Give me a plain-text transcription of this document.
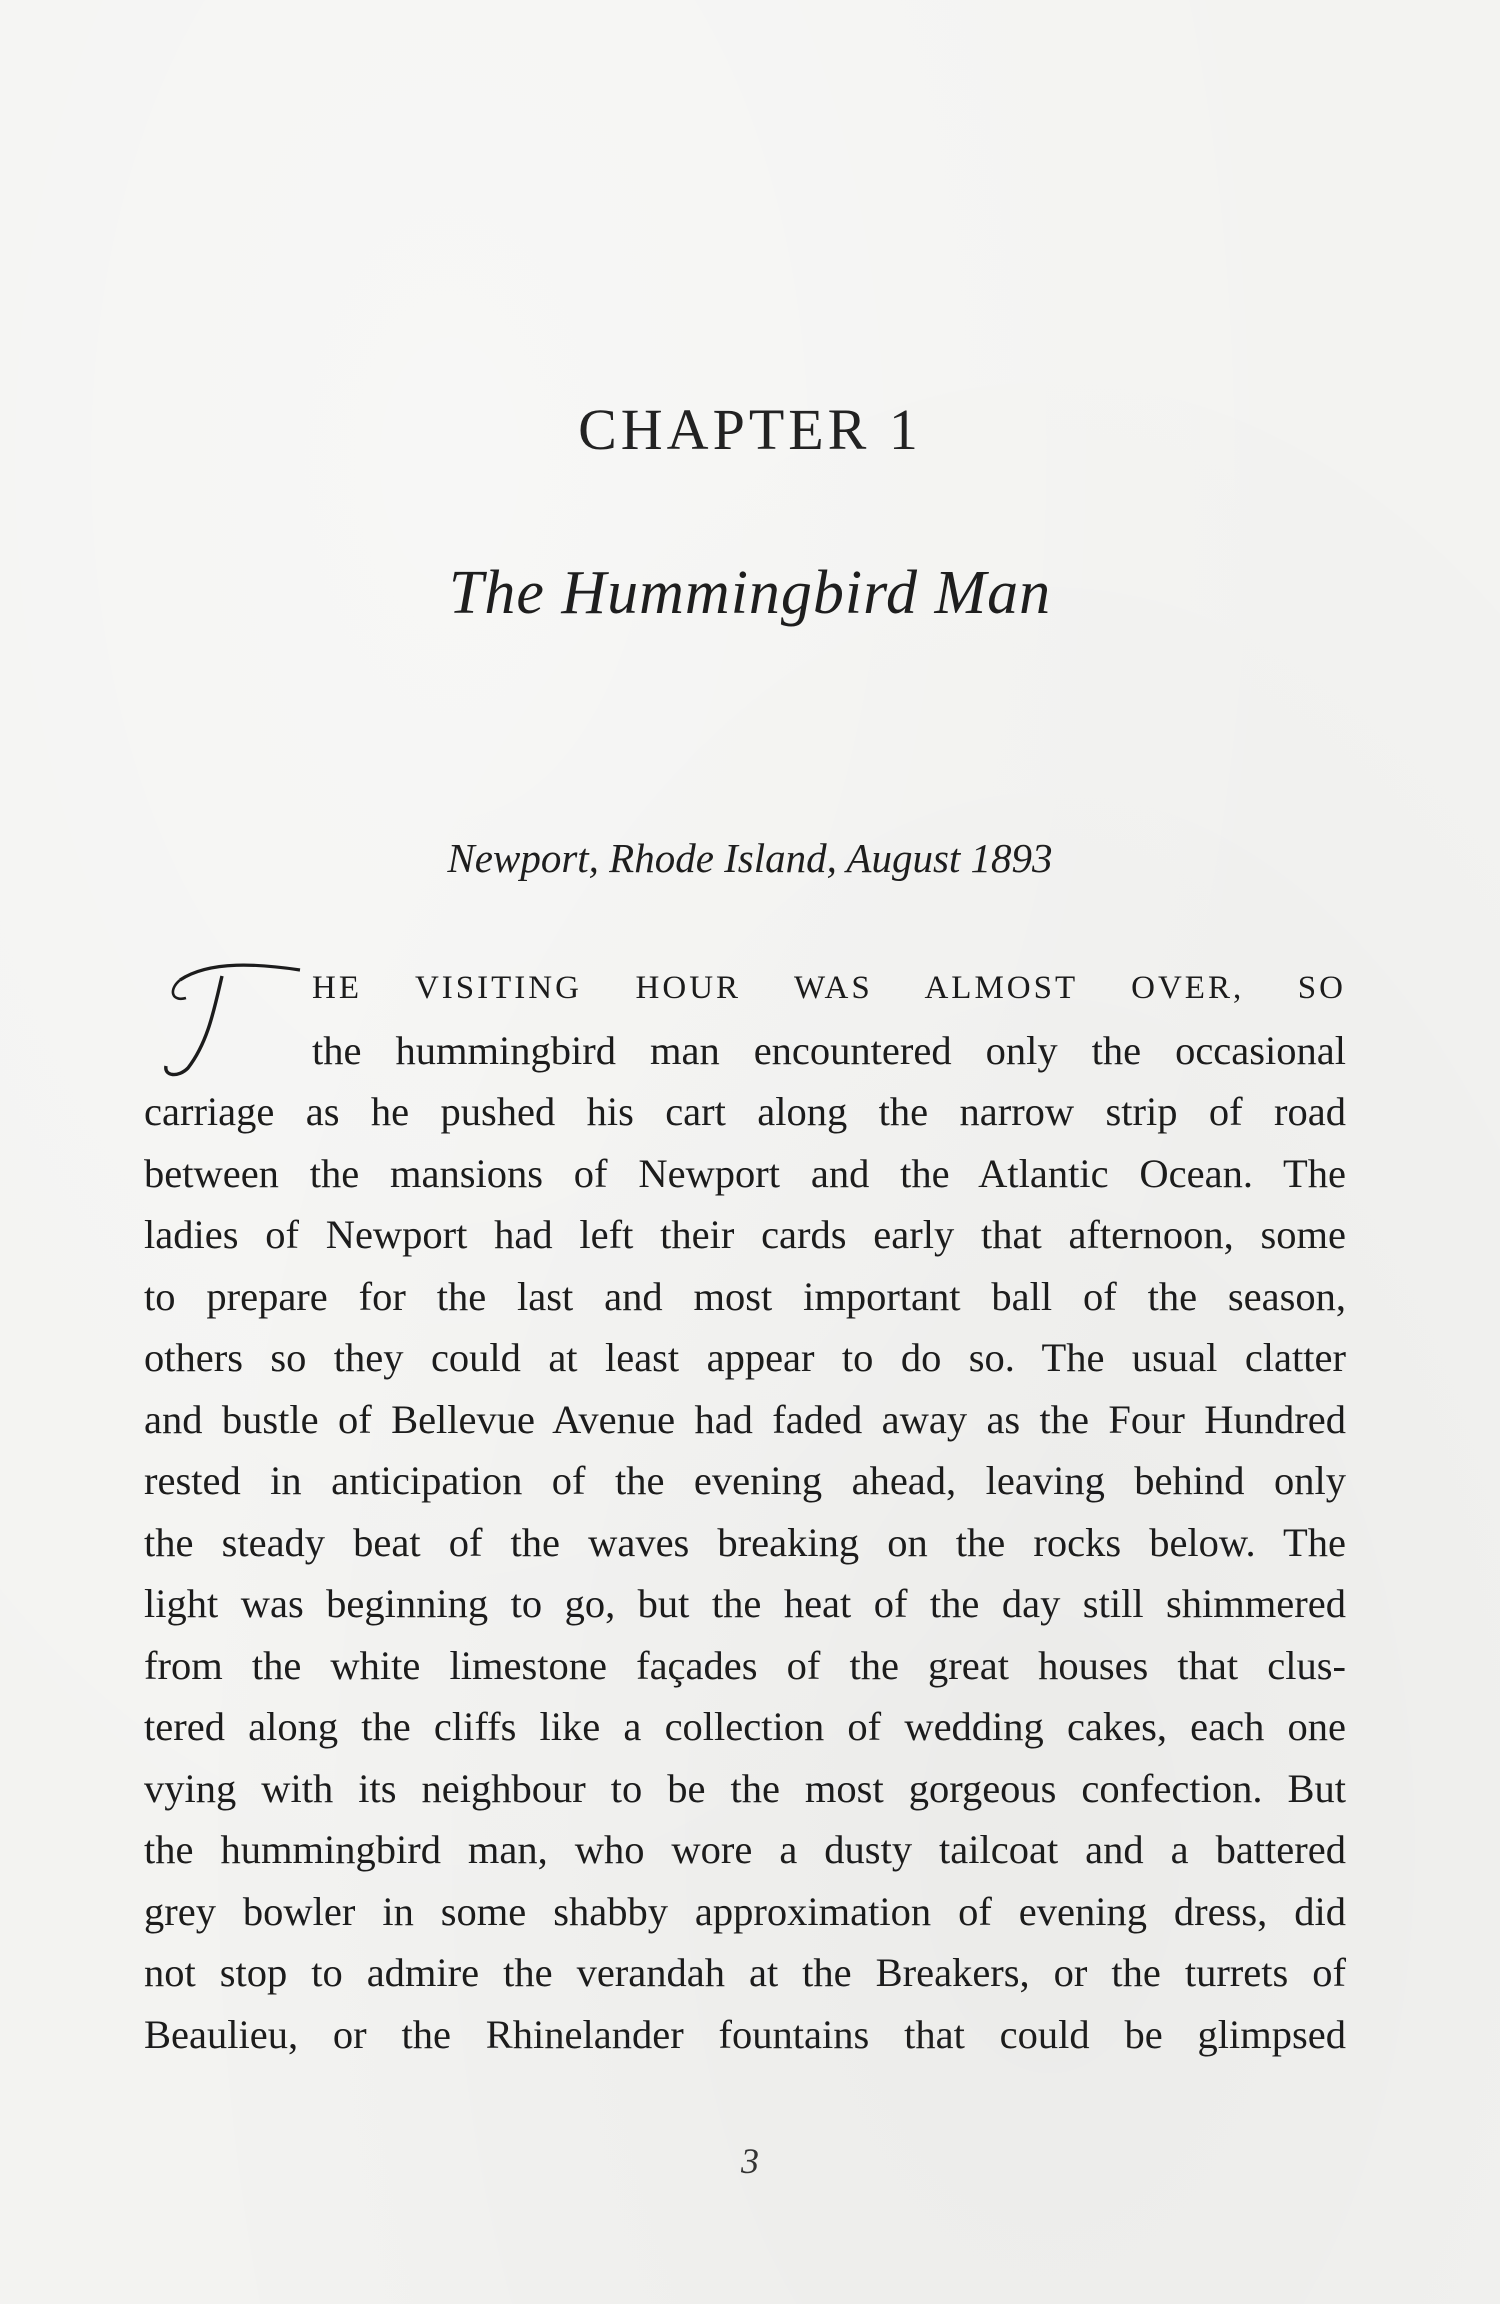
CHAPTER 1
The Hummingbird Man
Newport, Rhode Island, August 1893
T
HE VISITING HOUR WAS ALMOST OVER, SO
the hummingbird man encountered only the occasional
carriage as he pushed his cart along the narrow strip of road
between the mansions of Newport and the Atlantic Ocean. The
ladies of Newport had left their cards early that afternoon, some
to prepare for the last and most important ball of the season,
others so they could at least appear to do so. The usual clatter
and bustle of Bellevue Avenue had faded away as the Four Hundred
rested in anticipation of the evening ahead, leaving behind only
the steady beat of the waves breaking on the rocks below. The
light was beginning to go, but the heat of the day still shimmered
from the white limestone façades of the great houses that clus-
tered along the cliffs like a collection of wedding cakes, each one
vying with its neighbour to be the most gorgeous confection. But
the hummingbird man, who wore a dusty tailcoat and a battered
grey bowler in some shabby approximation of evening dress, did
not stop to admire the verandah at the Breakers, or the turrets of
Beaulieu, or the Rhinelander fountains that could be glimpsed
3
